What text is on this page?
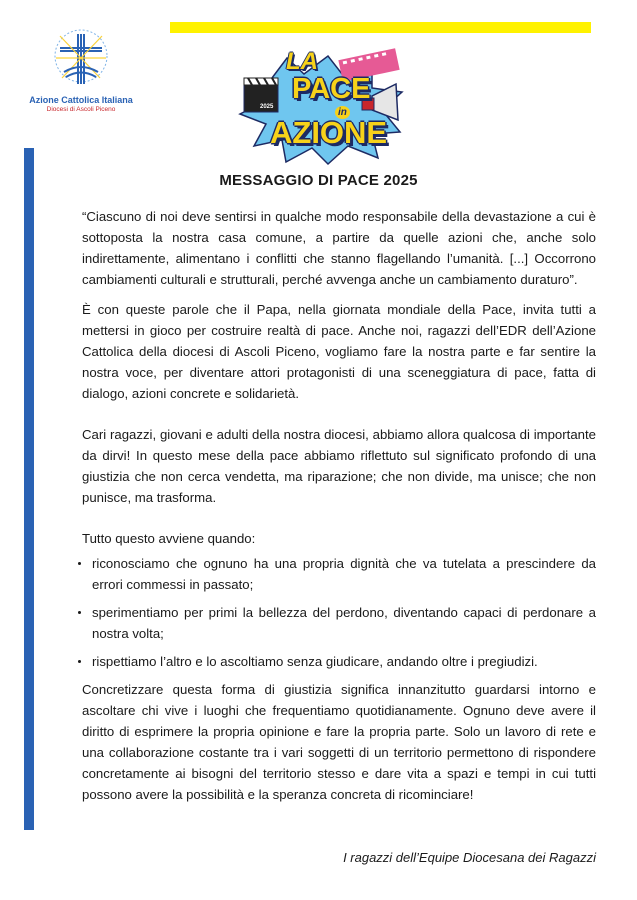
Azione Cattolica Italiana
Diocesi di Ascoli Piceno
LA
PACE
in
AZIONE
2025
MESSAGGIO DI PACE 2025

“Ciascuno di noi deve sentirsi in qualche modo responsabile della devastazione a cui è sottoposta la nostra casa comune, a partire da quelle azioni che, anche solo indirettamente, alimentano i conflitti che stanno flagellando l’umanità. [...] Occorrono cambiamenti culturali e strutturali, perché avvenga anche un cambiamento duraturo”.

È con queste parole che il Papa, nella giornata mondiale della Pace, invita tutti a mettersi in gioco per costruire realtà di pace. Anche noi, ragazzi dell’EDR dell’Azione Cattolica della diocesi di Ascoli Piceno, vogliamo fare la nostra parte e far sentire la nostra voce, per diventare attori protagonisti di una sceneggiatura di pace, fatta di dialogo, azioni concrete e solidarietà.

Cari ragazzi, giovani e adulti della nostra diocesi, abbiamo allora qualcosa di importante da dirvi! In questo mese della pace abbiamo riflettuto sul significato profondo di una giustizia che non cerca vendetta, ma riparazione; che non divide, ma unisce; che non punisce, ma trasforma.

Tutto questo avviene quando:

riconosciamo che ognuno ha una propria dignità che va tutelata a prescindere da errori commessi in passato;
sperimentiamo per primi la bellezza del perdono, diventando capaci di perdonare a nostra volta;
rispettiamo l’altro e lo ascoltiamo senza giudicare, andando oltre i pregiudizi.

Concretizzare questa forma di giustizia significa innanzitutto guardarsi intorno e ascoltare chi vive i luoghi che frequentiamo quotidianamente. Ognuno deve avere il diritto di esprimere la propria opinione e fare la propria parte. Solo un lavoro di rete e una collaborazione costante tra i vari soggetti di un territorio permettono di rispondere concretamente ai bisogni del territorio stesso e dare vita a spazi e tempi in cui tutti possono avere la possibilità e la speranza concreta di ricominciare!

I ragazzi dell’Equipe Diocesana dei Ragazzi
